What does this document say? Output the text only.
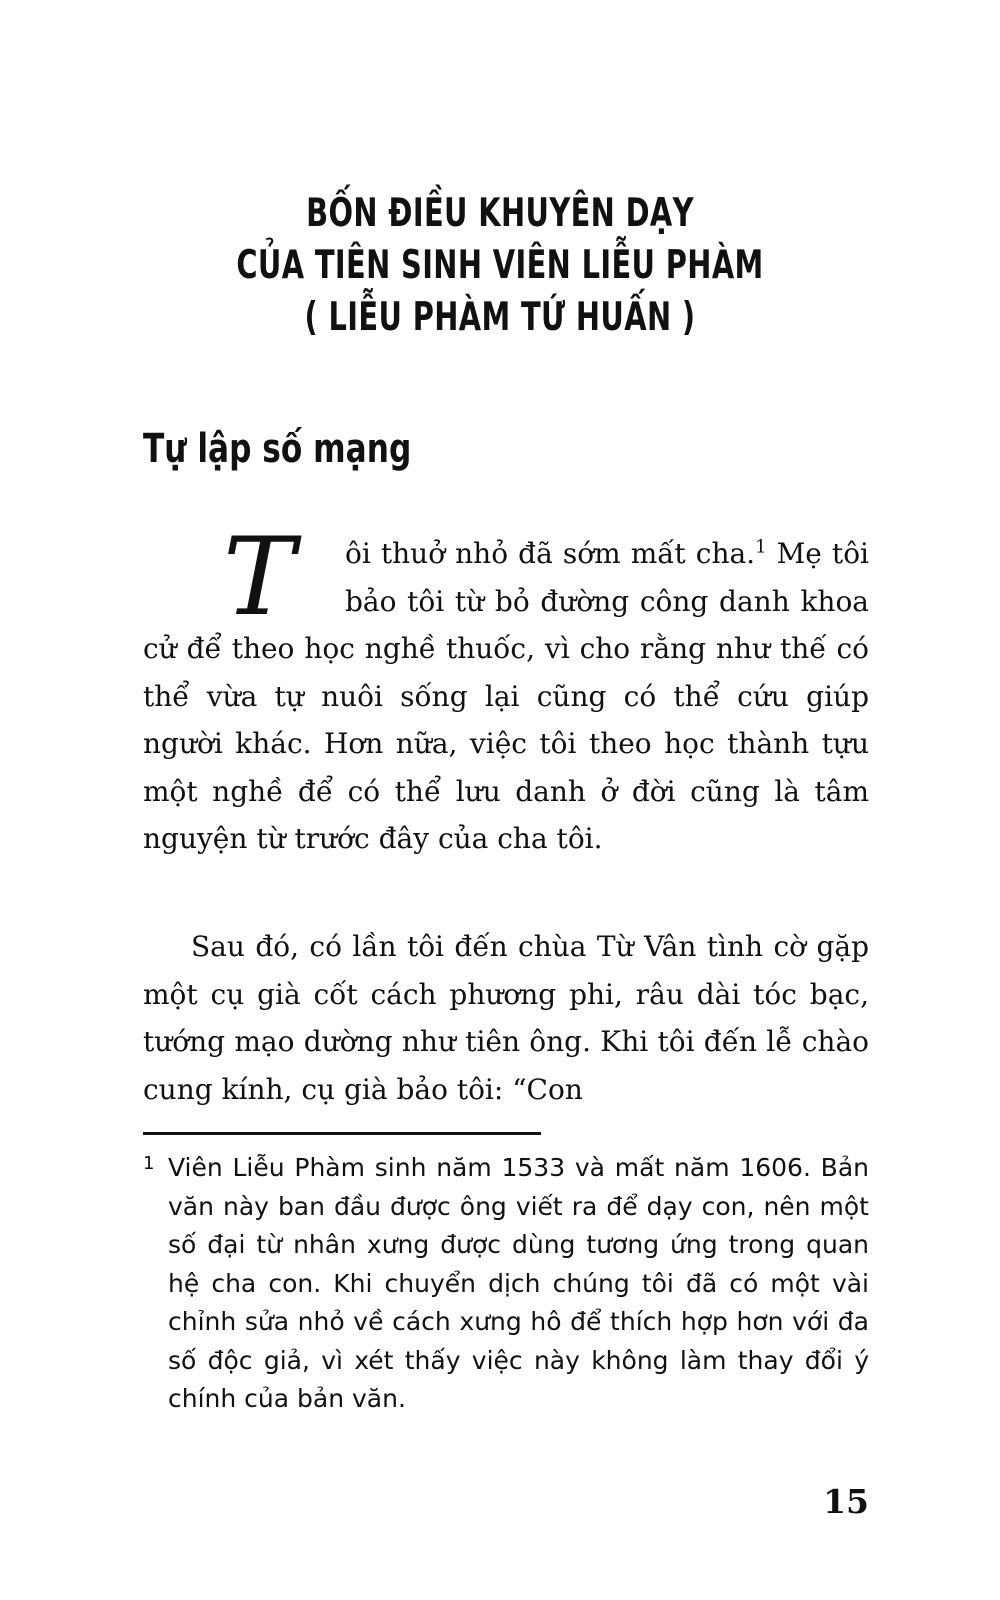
BỐN ĐIỀU KHUYÊN DẠY
CỦA TIÊN SINH VIÊN LIỄU PHÀM
( LIỄU PHÀM TỨ HUẤN )
Tự lập số mạng

T	ôi thuở nhỏ đã sớm mất cha.$^1$ Mẹ tôi bảo tôi từ bỏ đường công danh khoa cử để theo học nghề thuốc, vì cho rằng như thế có thể vừa tự nuôi sống lại cũng có thể cứu giúp người khác. Hơn nữa, việc tôi theo học thành tựu một nghề để có thể lưu danh ở đời cũng là tâm nguyện từ trước đây của cha tôi.

Sau đó, có lần tôi đến chùa Từ Vân tình cờ gặp một cụ già cốt cách phương phi, râu dài tóc bạc, tướng mạo dường như tiên ông. Khi tôi đến lễ chào cung kính, cụ già bảo tôi: “Con

1 Viên Liễu Phàm sinh năm 1533 và mất năm 1606. Bản văn này ban đầu được ông viết ra để dạy con, nên một số đại từ nhân xưng được dùng tương ứng trong quan hệ cha con. Khi chuyển dịch chúng tôi đã có một vài chỉnh sửa nhỏ về cách xưng hô để thích hợp hơn với đa số độc giả, vì xét thấy việc này không làm thay đổi ý chính của bản văn.
15
